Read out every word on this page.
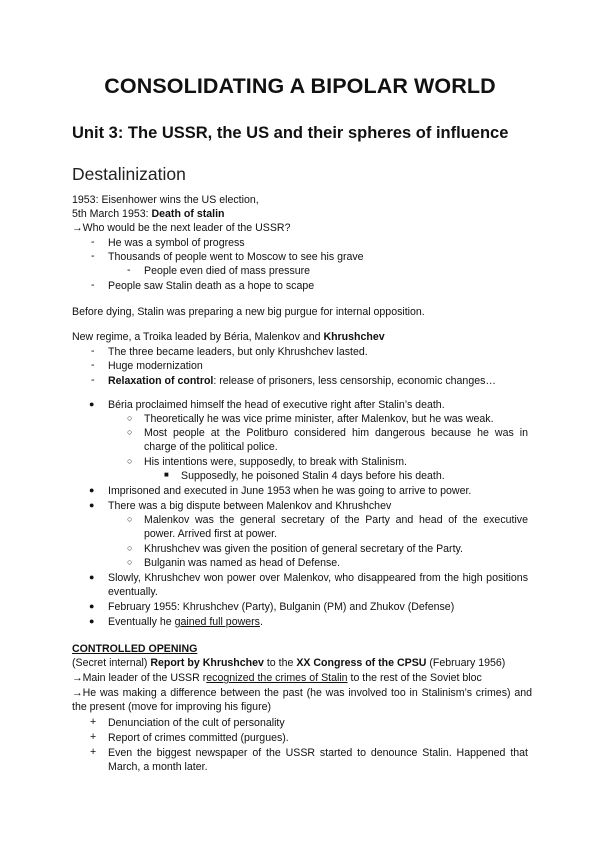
CONSOLIDATING A BIPOLAR WORLD
Unit 3: The USSR, the US and their spheres of influence
Destalinization
1953: Eisenhower wins the US election,
5th March 1953: Death of stalin
→Who would be the next leader of the USSR?
- He was a symbol of progress
- Thousands of people went to Moscow to see his grave
- People even died of mass pressure
- People saw Stalin death as a hope to scape
Before dying, Stalin was preparing a new big purgue for internal opposition.
New regime, a Troika leaded by Béria, Malenkov and Khrushchev
- The three became leaders, but only Khrushchev lasted.
- Huge modernization
- Relaxation of control: release of prisoners, less censorship, economic changes…
● Béria proclaimed himself the head of executive right after Stalin’s death.
○ Theoretically he was vice prime minister, after Malenkov, but he was weak.
○ Most people at the Politburo considered him dangerous because he was in charge of the political police.
○ His intentions were, supposedly, to break with Stalinism.
■ Supposedly, he poisoned Stalin 4 days before his death.
● Imprisoned and executed in June 1953 when he was going to arrive to power.
● There was a big dispute between Malenkov and Khrushchev
○ Malenkov was the general secretary of the Party and head of the executive power. Arrived first at power.
○ Khrushchev was given the position of general secretary of the Party.
○ Bulganin was named as head of Defense.
● Slowly, Khrushchev won power over Malenkov, who disappeared from the high positions eventually.
● February 1955: Khrushchev (Party), Bulganin (PM) and Zhukov (Defense)
● Eventually he gained full powers.
CONTROLLED OPENING
(Secret internal) Report by Khrushchev to the XX Congress of the CPSU (February 1956)
→Main leader of the USSR recognized the crimes of Stalin to the rest of the Soviet bloc
→He was making a difference between the past (he was involved too in Stalinism’s crimes) and the present (move for improving his figure)
+ Denunciation of the cult of personality
+ Report of crimes committed (purgues).
+ Even the biggest newspaper of the USSR started to denounce Stalin. Happened that March, a month later.
